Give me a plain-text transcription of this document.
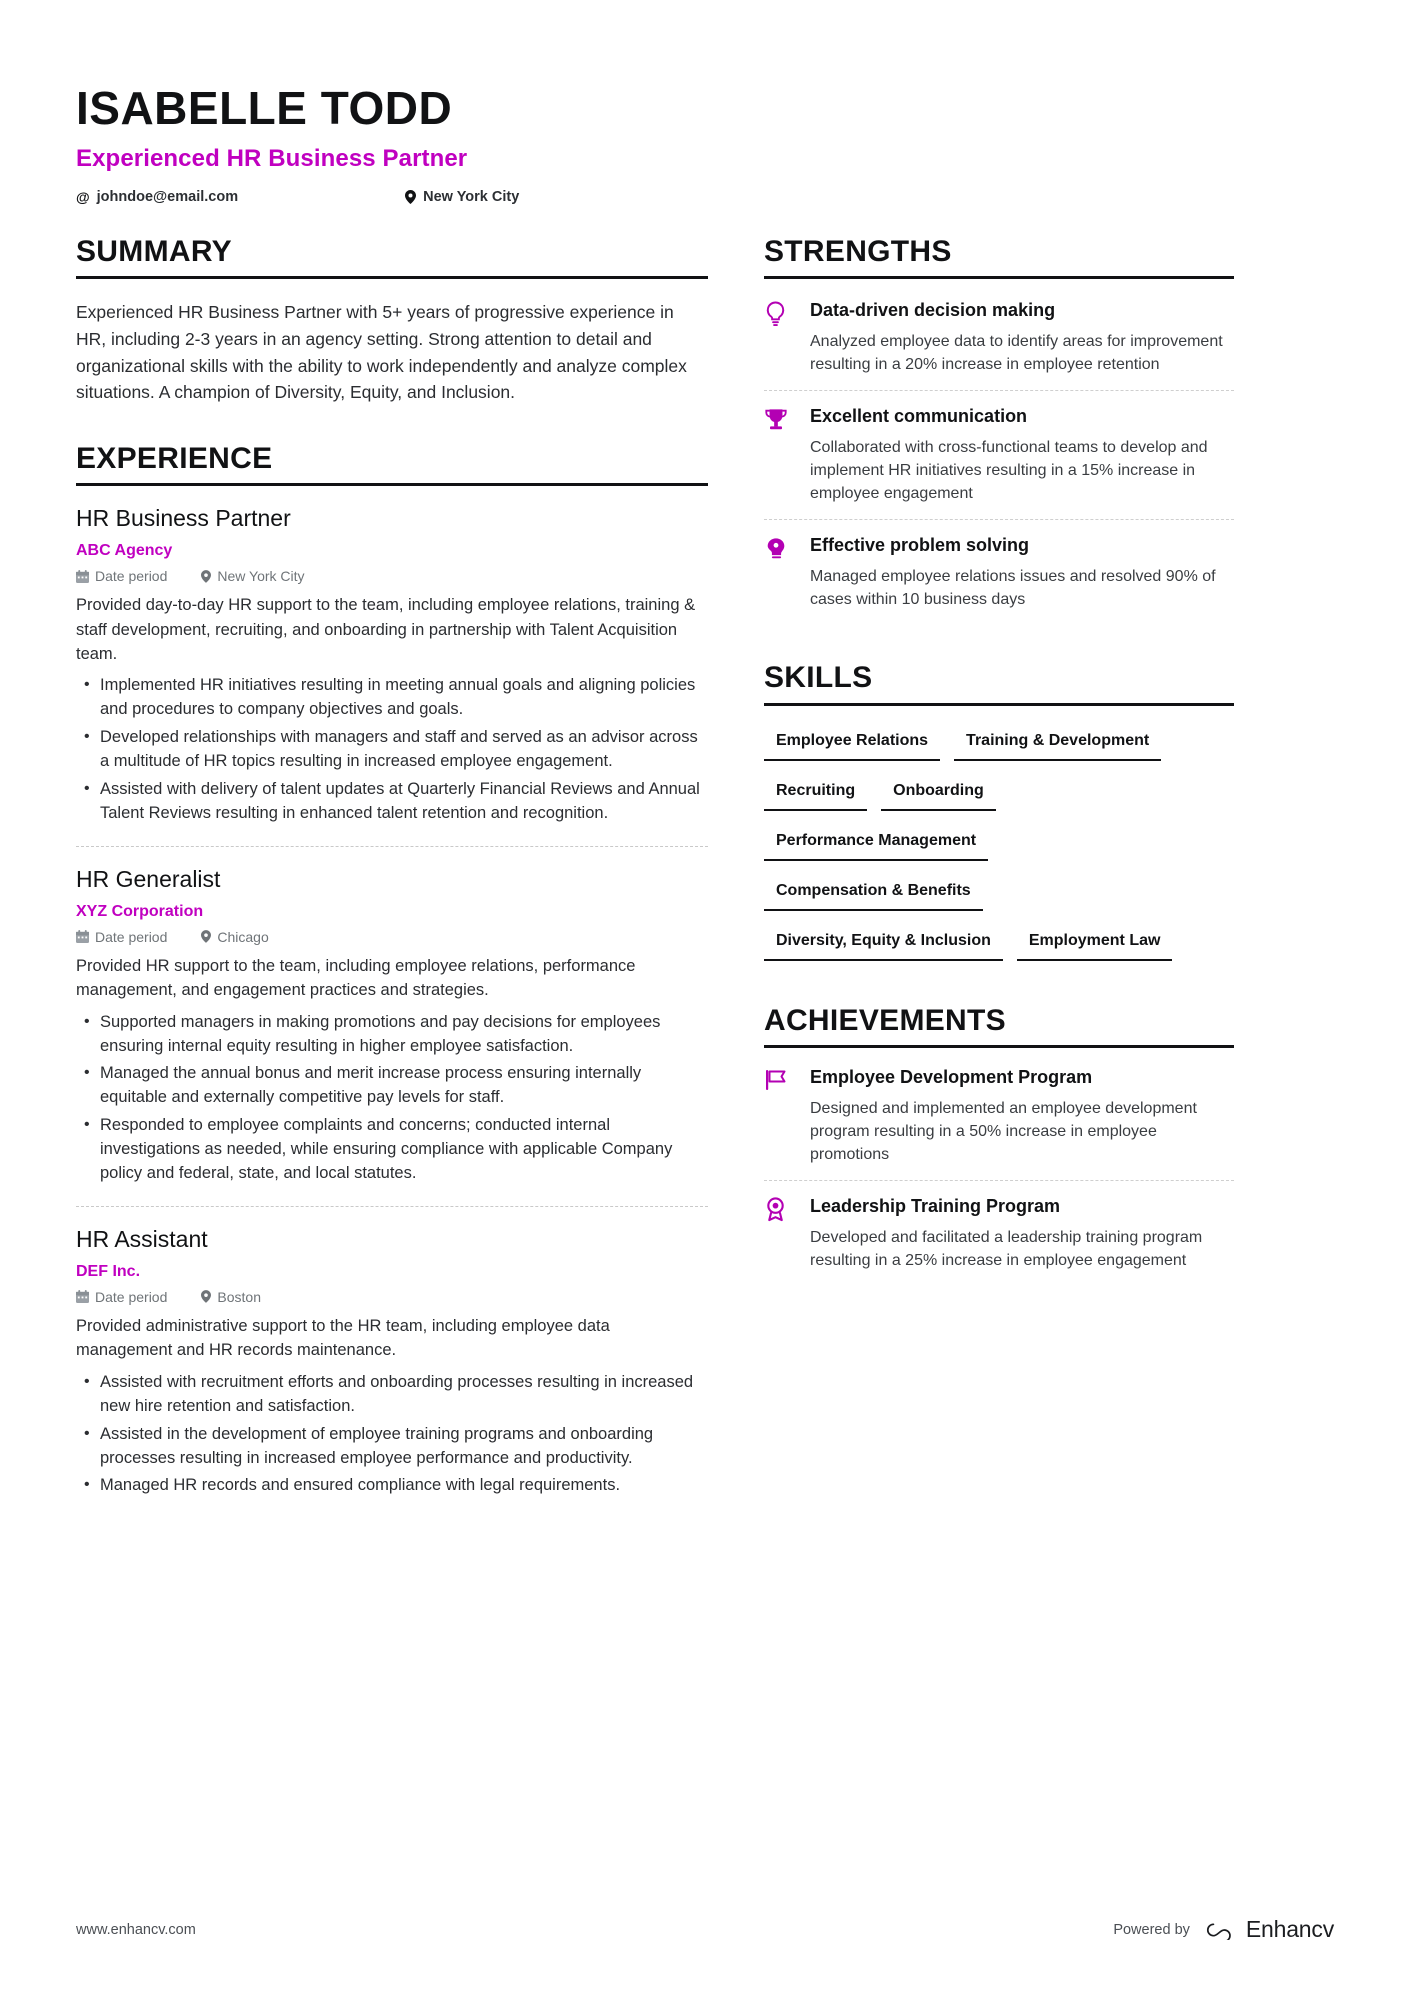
ISABELLE TODD
Experienced HR Business Partner
@ johndoe@email.com	New York City
SUMMARY
Experienced HR Business Partner with 5+ years of progressive experience in HR, including 2-3 years in an agency setting. Strong attention to detail and organizational skills with the ability to work independently and analyze complex situations. A champion of Diversity, Equity, and Inclusion.
EXPERIENCE
HR Business Partner
ABC Agency
Date period	New York City
Provided day-to-day HR support to the team, including employee relations, training & staff development, recruiting, and onboarding in partnership with Talent Acquisition team.
• Implemented HR initiatives resulting in meeting annual goals and aligning policies and procedures to company objectives and goals.
• Developed relationships with managers and staff and served as an advisor across a multitude of HR topics resulting in increased employee engagement.
• Assisted with delivery of talent updates at Quarterly Financial Reviews and Annual Talent Reviews resulting in enhanced talent retention and recognition.
HR Generalist
XYZ Corporation
Date period	Chicago
Provided HR support to the team, including employee relations, performance management, and engagement practices and strategies.
• Supported managers in making promotions and pay decisions for employees ensuring internal equity resulting in higher employee satisfaction.
• Managed the annual bonus and merit increase process ensuring internally equitable and externally competitive pay levels for staff.
• Responded to employee complaints and concerns; conducted internal investigations as needed, while ensuring compliance with applicable Company policy and federal, state, and local statutes.
HR Assistant
DEF Inc.
Date period	Boston
Provided administrative support to the HR team, including employee data management and HR records maintenance.
• Assisted with recruitment efforts and onboarding processes resulting in increased new hire retention and satisfaction.
• Assisted in the development of employee training programs and onboarding processes resulting in increased employee performance and productivity.
• Managed HR records and ensured compliance with legal requirements.
STRENGTHS
Data-driven decision making
Analyzed employee data to identify areas for improvement resulting in a 20% increase in employee retention
Excellent communication
Collaborated with cross-functional teams to develop and implement HR initiatives resulting in a 15% increase in employee engagement
Effective problem solving
Managed employee relations issues and resolved 90% of cases within 10 business days
SKILLS
Employee Relations	Training & Development
Recruiting	Onboarding
Performance Management
Compensation & Benefits
Diversity, Equity & Inclusion	Employment Law
ACHIEVEMENTS
Employee Development Program
Designed and implemented an employee development program resulting in a 50% increase in employee promotions
Leadership Training Program
Developed and facilitated a leadership training program resulting in a 25% increase in employee engagement
www.enhancv.com	Powered by Enhancv
